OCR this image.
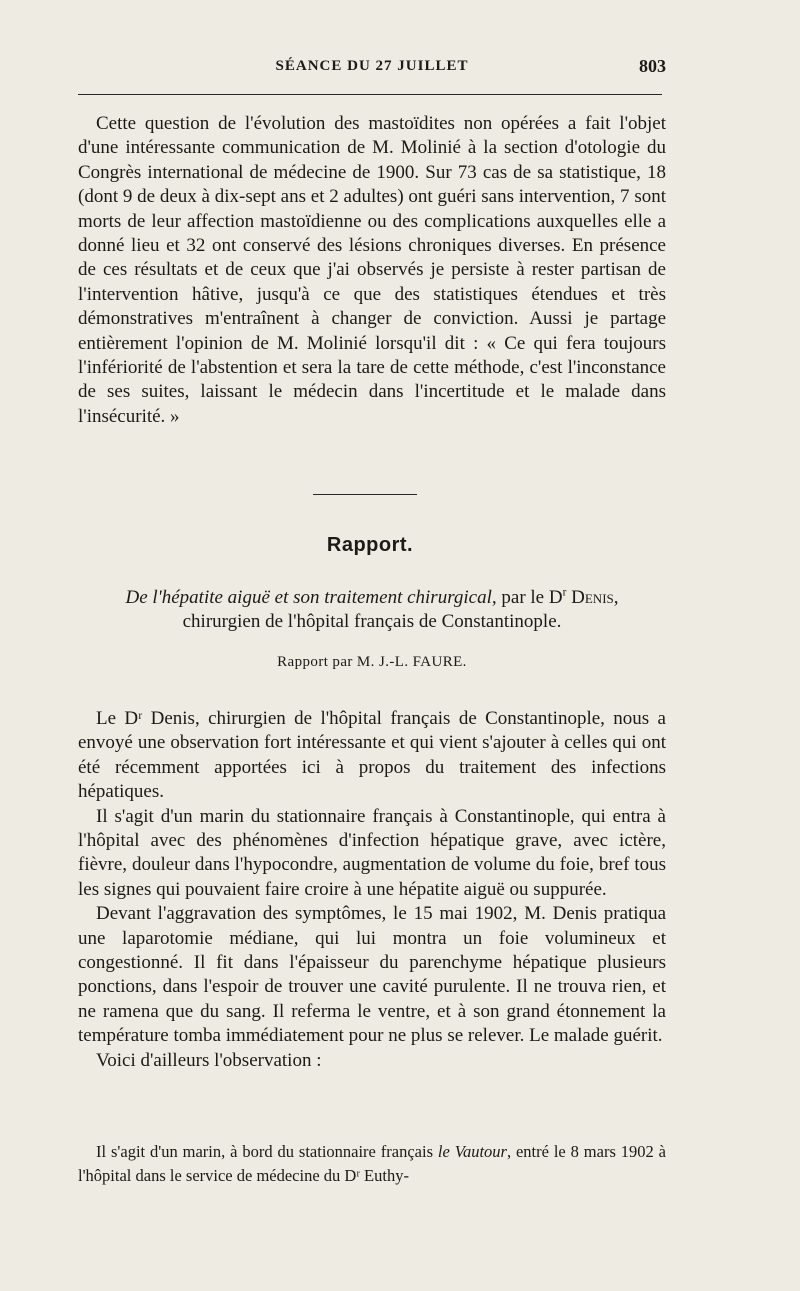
SÉANCE DU 27 JUILLET	803

Cette question de l'évolution des mastoïdites non opérées a fait l'objet d'une intéressante communication de M. Molinié à la section d'otologie du Congrès international de médecine de 1900. Sur 73 cas de sa statistique, 18 (dont 9 de deux à dix-sept ans et 2 adultes) ont guéri sans intervention, 7 sont morts de leur affection mastoïdienne ou des complications auxquelles elle a donné lieu et 32 ont conservé des lésions chroniques diverses. En présence de ces résultats et de ceux que j'ai observés je persiste à rester partisan de l'intervention hâtive, jusqu'à ce que des statistiques étendues et très démonstratives m'entraînent à changer de conviction. Aussi je partage entièrement l'opinion de M. Molinié lorsqu'il dit : « Ce qui fera toujours l'infériorité de l'abstention et sera la tare de cette méthode, c'est l'inconstance de ses suites, laissant le médecin dans l'incertitude et le malade dans l'insécurité. »

Rapport.
De l'hépatite aiguë et son traitement chirurgical, par le $D^r$ Denis,
chirurgien de l'hôpital français de Constantinople.
Rapport par M. J.-L. FAURE.

Le Dʳ Denis, chirurgien de l'hôpital français de Constantinople, nous a envoyé une observation fort intéressante et qui vient s'ajouter à celles qui ont été récemment apportées ici à propos du traitement des infections hépatiques.

Il s'agit d'un marin du stationnaire français à Constantinople, qui entra à l'hôpital avec des phénomènes d'infection hépatique grave, avec ictère, fièvre, douleur dans l'hypocondre, augmentation de volume du foie, bref tous les signes qui pouvaient faire croire à une hépatite aiguë ou suppurée.

Devant l'aggravation des symptômes, le 15 mai 1902, M. Denis pratiqua une laparotomie médiane, qui lui montra un foie volumineux et congestionné. Il fit dans l'épaisseur du parenchyme hépatique plusieurs ponctions, dans l'espoir de trouver une cavité purulente. Il ne trouva rien, et ne ramena que du sang. Il referma le ventre, et à son grand étonnement la température tomba immédiatement pour ne plus se relever. Le malade guérit.

Voici d'ailleurs l'observation :

Il s'agit d'un marin, à bord du stationnaire français le Vautour, entré le 8 mars 1902 à l'hôpital dans le service de médecine du Dʳ Euthy-
